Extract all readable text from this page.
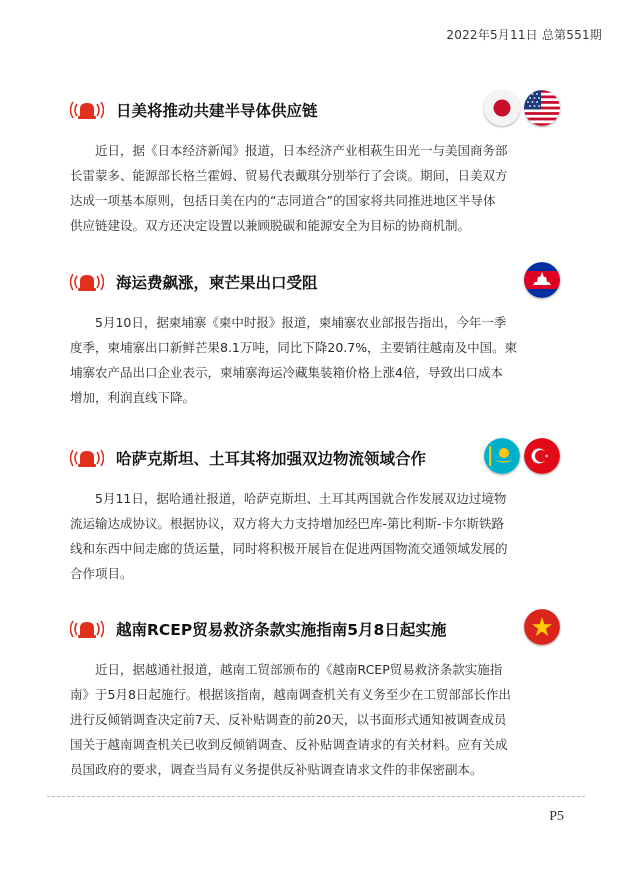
2022年5月11日 总第551期
日美将推动共建半导体供应链

近日，据《日本经济新闻》报道，日本经济产业相萩生田光一与美国商务部

长雷蒙多、能源部长格兰霍姆、贸易代表戴琪分别举行了会谈。期间，日美双方

达成一项基本原则，包括日美在内的“志同道合”的国家将共同推进地区半导体

供应链建设。双方还决定设置以兼顾脱碳和能源安全为目标的协商机制。

海运费飙涨，柬芒果出口受阻

5月10日，据柬埔寨《柬中时报》报道，柬埔寨农业部报告指出，今年一季

度季，柬埔寨出口新鲜芒果8.1万吨，同比下降20.7%，主要销往越南及中国。柬

埔寨农产品出口企业表示，柬埔寨海运冷藏集装箱价格上涨4倍，导致出口成本

增加，利润直线下降。

哈萨克斯坦、土耳其将加强双边物流领域合作

5月11日，据哈通社报道，哈萨克斯坦、土耳其两国就合作发展双边过境物

流运输达成协议。根据协议，双方将大力支持增加经巴库-第比利斯-卡尔斯铁路

线和东西中间走廊的货运量，同时将积极开展旨在促进两国物流交通领域发展的

合作项目。

越南RCEP贸易救济条款实施指南5月8日起实施

近日，据越通社报道，越南工贸部颁布的《越南RCEP贸易救济条款实施指

南》于5月8日起施行。根据该指南，越南调查机关有义务至少在工贸部部长作出

进行反倾销调查决定前7天、反补贴调查的前20天，以书面形式通知被调查成员

国关于越南调查机关已收到反倾销调查、反补贴调查请求的有关材料。应有关成

员国政府的要求，调查当局有义务提供反补贴调查请求文件的非保密副本。

P5
